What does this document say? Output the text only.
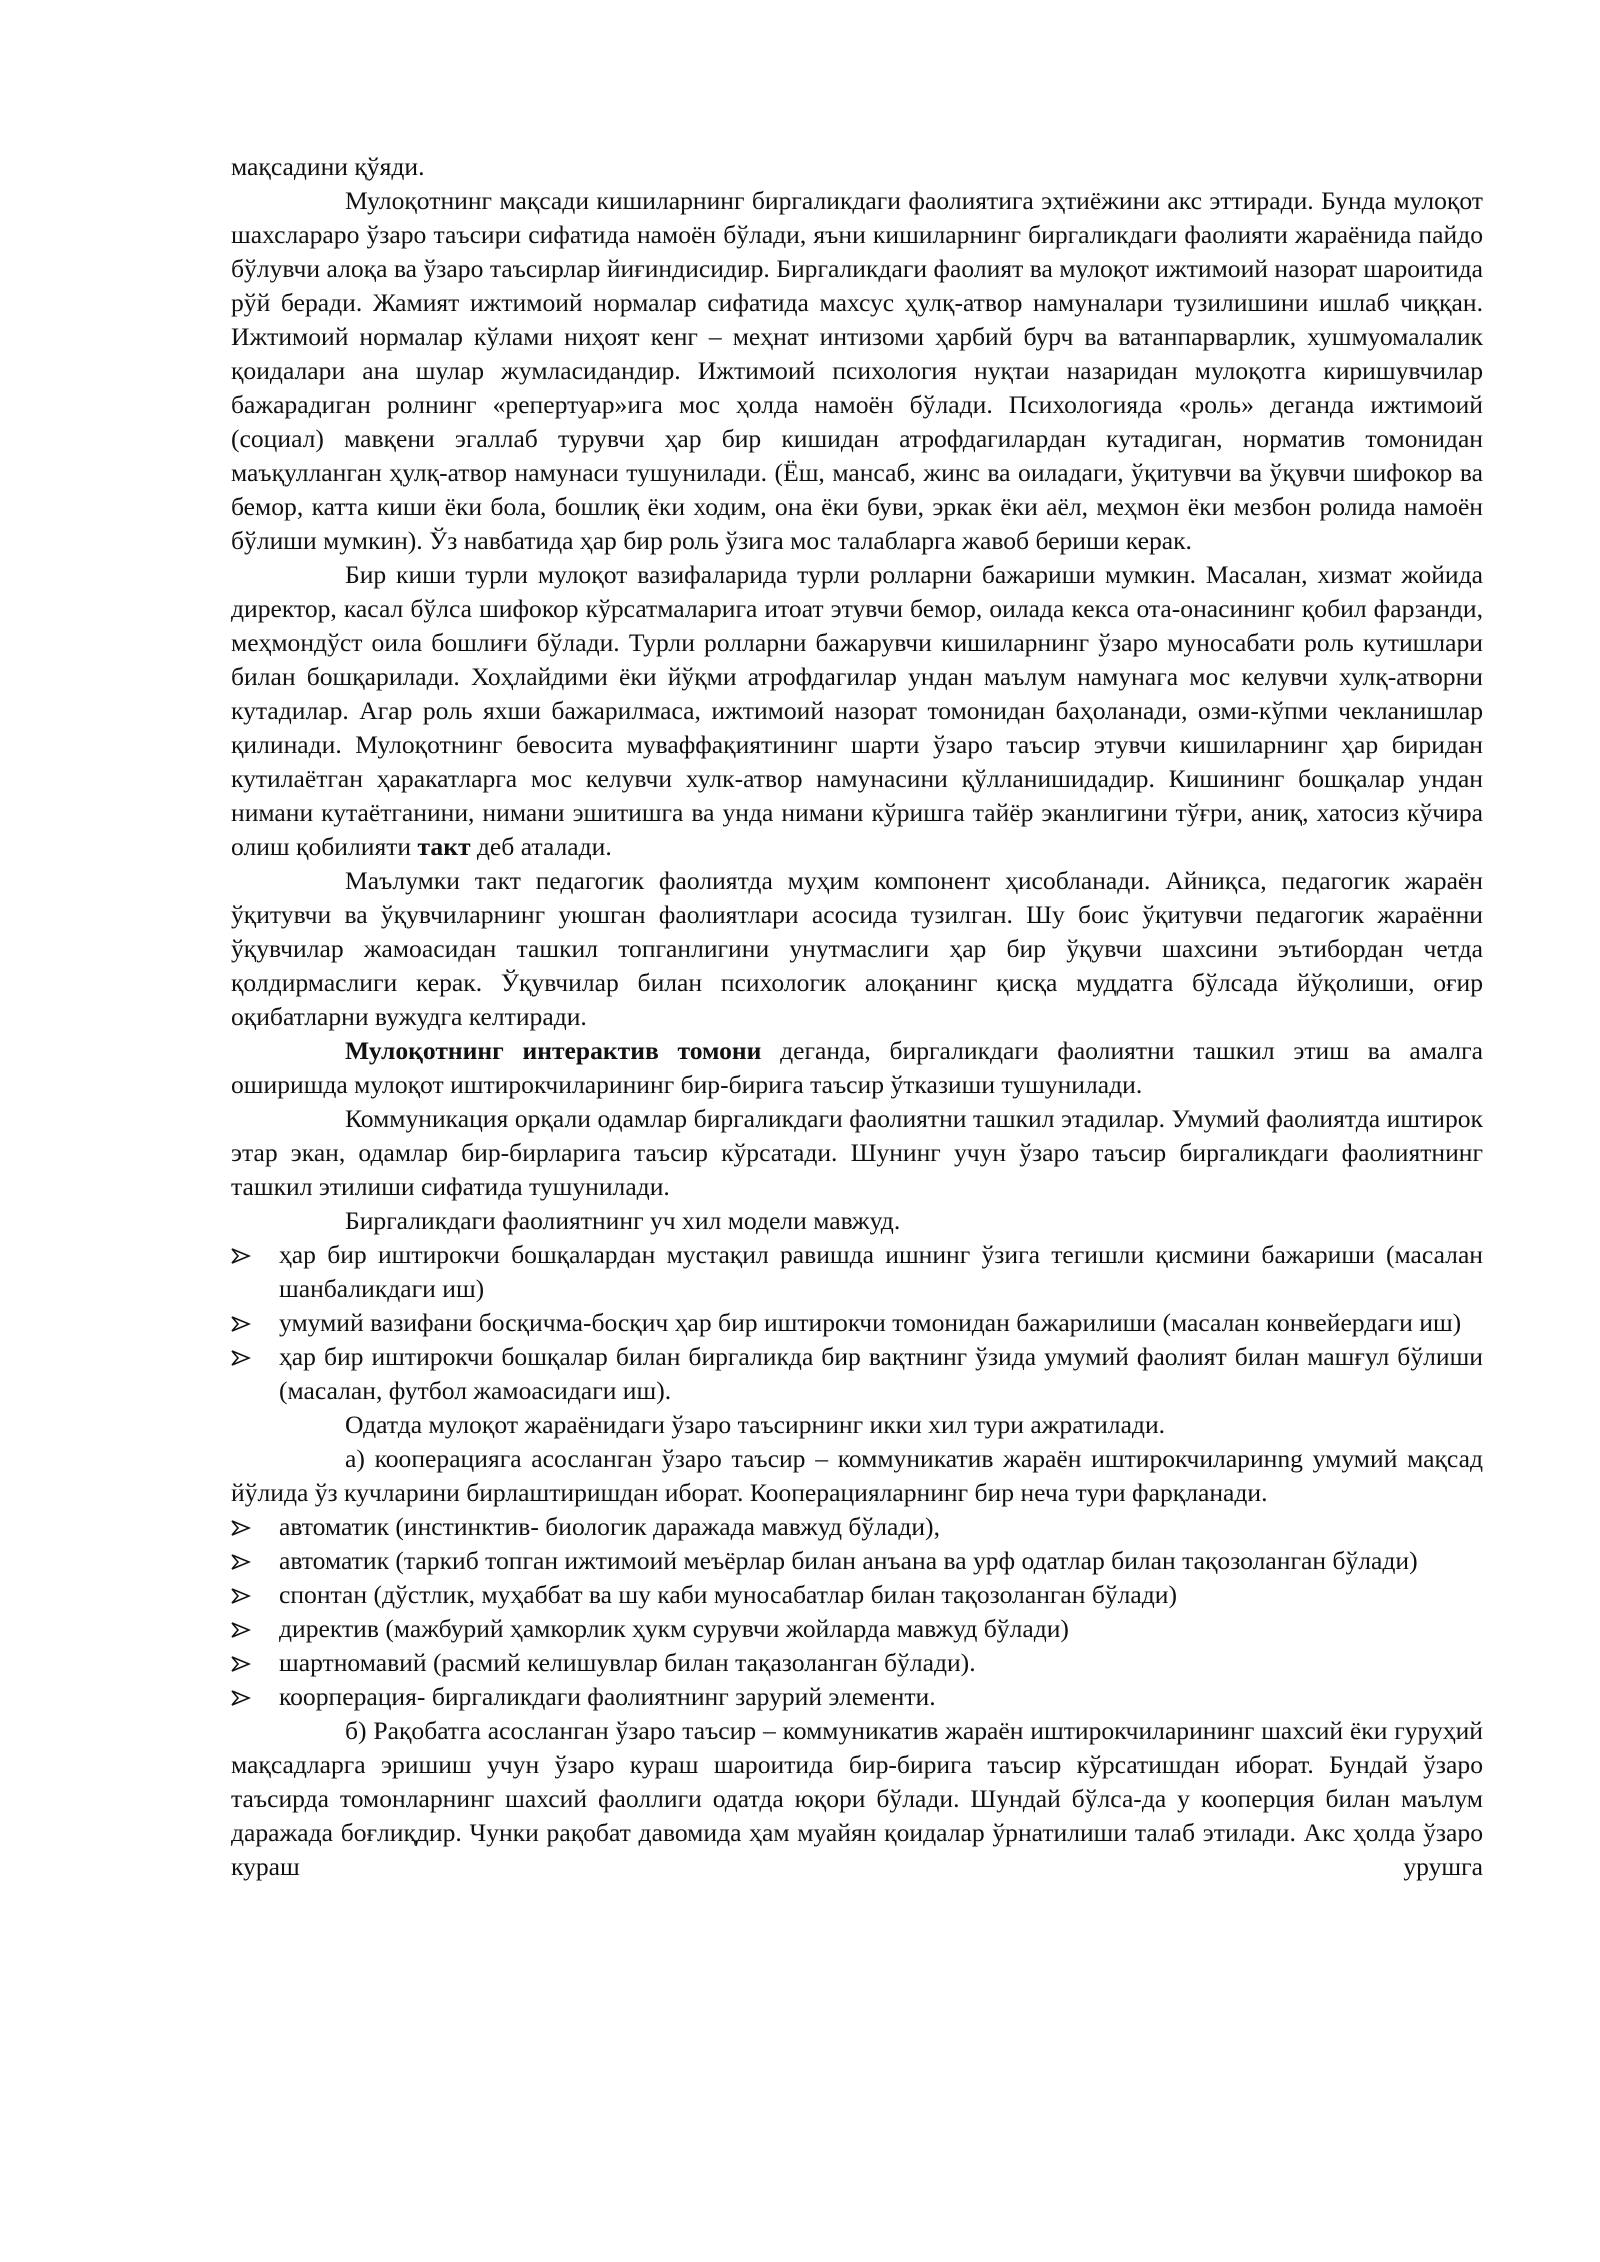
мақсадини қўяди.

Мулоқотнинг мақсади кишиларнинг биргаликдаги фаолиятига эҳтиёжини акс эттиради. Бунда мулоқот шахслараро ўзаро таъсири сифатида намоён бўлади, яъни кишиларнинг биргаликдаги фаолияти жараёнида пайдо бўлувчи алоқа ва ўзаро таъсирлар йиғиндисидир. Биргаликдаги фаолият ва мулоқот ижтимоий назорат шароитида рўй беради. Жамият ижтимоий нормалар сифатида махсус ҳулқ-атвор намуналари тузилишини ишлаб чиққан. Ижтимоий нормалар кўлами ниҳоят кенг – меҳнат интизоми ҳарбий бурч ва ватанпарварлик, хушмуомалалик қоидалари ана шулар жумласидандир. Ижтимоий психология нуқтаи назаридан мулоқотга киришувчилар бажарадиган ролнинг «репертуар»ига мос ҳолда намоён бўлади. Психологияда «роль» деганда ижтимоий (социал) мавқени эгаллаб турувчи ҳар бир кишидан атрофдагилардан кутадиган, норматив томонидан маъқулланган ҳулқ-атвор намунаси тушунилади. (Ёш, мансаб, жинс ва оиладаги, ўқитувчи ва ўқувчи шифокор ва бемор, катта киши ёки бола, бошлиқ ёки ходим, она ёки буви, эркак ёки аёл, меҳмон ёки мезбон ролида намоён бўлиши мумкин). Ўз навбатида ҳар бир роль ўзига мос талабларга жавоб бериши керак.

Бир киши турли мулоқот вазифаларида турли ролларни бажариши мумкин. Масалан, хизмат жойида директор, касал бўлса шифокор кўрсатмаларига итоат этувчи бемор, оилада кекса ота-онасининг қобил фарзанди, меҳмондўст оила бошлиғи бўлади. Турли ролларни бажарувчи кишиларнинг ўзаро муносабати роль кутишлари билан бошқарилади. Хоҳлайдими ёки йўқми атрофдагилар ундан маълум намунага мос келувчи хулқ-атворни кутадилар. Агар роль яхши бажарилмаса, ижтимоий назорат томонидан баҳоланади, озми-кўпми чекланишлар қилинади. Мулоқотнинг бевосита муваффақиятининг шарти ўзаро таъсир этувчи кишиларнинг ҳар биридан кутилаётган ҳаракатларга мос келувчи хулк-атвор намунасини қўлланишидадир. Кишининг бошқалар ундан нимани кутаётганини, нимани эшитишга ва унда нимани кўришга тайёр эканлигини тўғри, аниқ, хатосиз кўчира олиш қобилияти такт деб аталади.

Маълумки такт педагогик фаолиятда муҳим компонент ҳисобланади. Айниқса, педагогик жараён ўқитувчи ва ўқувчиларнинг уюшган фаолиятлари асосида тузилган. Шу боис ўқитувчи педагогик жараённи ўқувчилар жамоасидан ташкил топганлигини унутмаслиги ҳар бир ўқувчи шахсини эътибордан четда қолдирмаслиги керак. Ўқувчилар билан психологик алоқанинг қисқа муддатга бўлсада йўқолиши, оғир оқибатларни вужудга келтиради.

Мулоқотнинг интерактив томони деганда, биргаликдаги фаолиятни ташкил этиш ва амалга оширишда мулоқот иштирокчиларининг бир-бирига таъсир ўтказиши тушунилади.

Коммуникация орқали одамлар биргаликдаги фаолиятни ташкил этадилар. Умумий фаолиятда иштирок этар экан, одамлар бир-бирларига таъсир кўрсатади. Шунинг учун ўзаро таъсир биргаликдаги фаолиятнинг ташкил этилиши сифатида тушунилади.

Биргаликдаги фаолиятнинг уч хил модели мавжуд.

ҳар бир иштирокчи бошқалардан мустақил равишда ишнинг ўзига тегишли қисмини бажариши (масалан шанбаликдаги иш)
умумий вазифани босқичма-босқич ҳар бир иштирокчи томонидан бажарилиши (масалан конвейердаги иш)
ҳар бир иштирокчи бошқалар билан биргаликда бир вақтнинг ўзида умумий фаолият билан машғул бўлиши (масалан, футбол жамоасидаги иш).

Одатда мулоқот жараёнидаги ўзаро таъсирнинг икки хил тури ажратилади.

а) кооперацияга асосланган ўзаро таъсир – коммуникатив жараён иштирокчиларинng умумий мақсад йўлида ўз кучларини бирлаштиришдан иборат. Кооперацияларнинг бир неча тури фарқланади.

автоматик (инстинктив- биологик даражада мавжуд бўлади),
автоматик (таркиб топган ижтимоий меъёрлар билан анъана ва урф одатлар билан тақозоланган бўлади)
спонтан (дўстлик, муҳаббат ва шу каби муносабатлар билан тақозоланган бўлади)
директив (мажбурий ҳамкорлик ҳукм сурувчи жойларда мавжуд бўлади)
шартномавий (расмий келишувлар билан тақазоланган бўлади).
коорперация- биргаликдаги фаолиятнинг зарурий элементи.

б) Рақобатга асосланган ўзаро таъсир – коммуникатив жараён иштирокчиларининг шахсий ёки гуруҳий мақсадларга эришиш учун ўзаро кураш шароитида бир-бирига таъсир кўрсатишдан иборат. Бундай ўзаро таъсирда томонларнинг шахсий фаоллиги одатда юқори бўлади. Шундай бўлса-да у кооперция билан маълум даражада боғлиқдир. Чунки рақобат давомида ҳам муайян қоидалар ўрнатилиши талаб этилади. Акс ҳолда ўзаро кураш урушга
